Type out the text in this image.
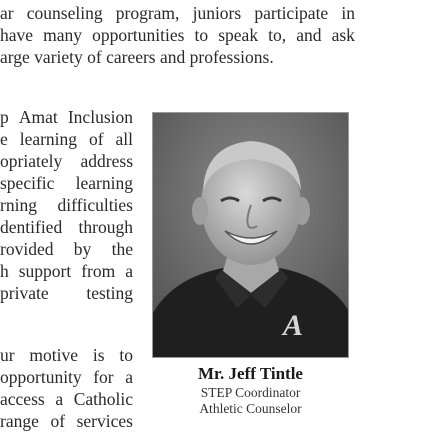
ar counseling program, juniors participate in
have many opportunities to speak to, and ask
arge variety of careers and professions.
p Amat Inclusion
e learning of all
opriately address
specific learning
rning difficulties
dentified through
rovided by the
h support from a
private testing
ur motive is to
opportunity for a
access a Catholic
range of services
A
Mr. Jeff Tintle
STEP Coordinator
Athletic Counselor
